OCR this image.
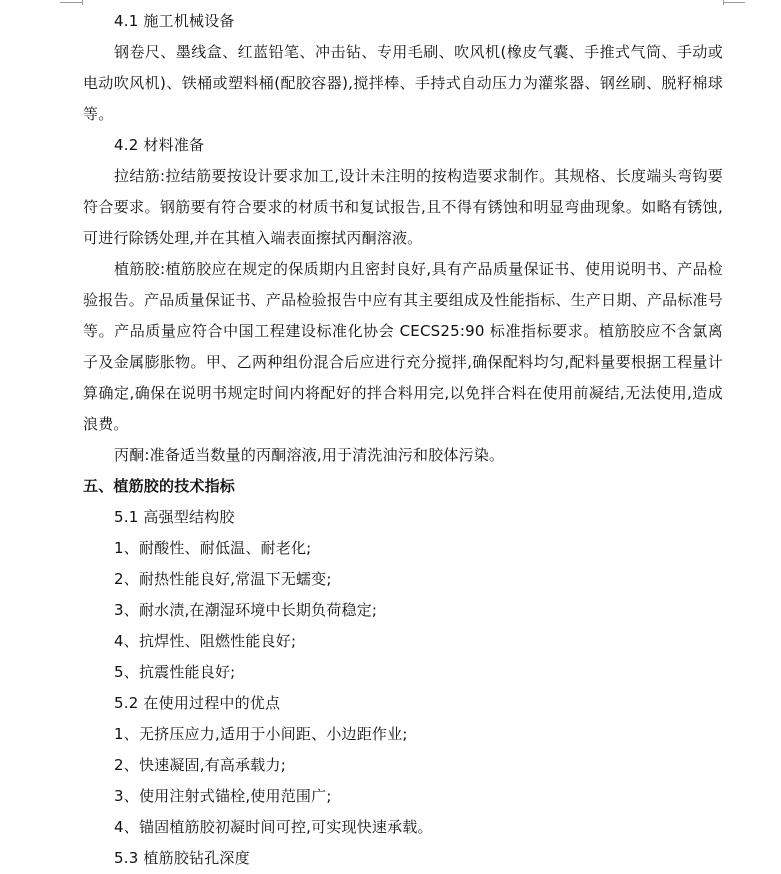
4.1 施工机械设备

钢卷尺、墨线盒、红蓝铅笔、冲击钻、专用毛刷、吹风机(橡皮气囊、手推式气筒、手动或电动吹风机)、铁桶或塑料桶(配胶容器),搅拌棒、手持式自动压力为灌浆器、钢丝刷、脱籽棉球等。

4.2 材料准备

拉结筋:拉结筋要按设计要求加工,设计未注明的按构造要求制作。其规格、长度端头弯钩要符合要求。钢筋要有符合要求的材质书和复试报告,且不得有锈蚀和明显弯曲现象。如略有锈蚀,可进行除锈处理,并在其植入端表面擦拭丙酮溶液。

植筋胶:植筋胶应在规定的保质期内且密封良好,具有产品质量保证书、使用说明书、产品检验报告。产品质量保证书、产品检验报告中应有其主要组成及性能指标、生产日期、产品标准号等。产品质量应符合中国工程建设标准化协会 CECS25:90 标准指标要求。植筋胶应不含氯离子及金属膨胀物。甲、乙两种组份混合后应进行充分搅拌,确保配料均匀,配料量要根据工程量计算确定,确保在说明书规定时间内将配好的拌合料用完,以免拌合料在使用前凝结,无法使用,造成浪费。

丙酮:准备适当数量的丙酮溶液,用于清洗油污和胶体污染。

五、植筋胶的技术指标

5.1 高强型结构胶

1、耐酸性、耐低温、耐老化;

2、耐热性能良好,常温下无蠕变;

3、耐水渍,在潮湿环境中长期负荷稳定;

4、抗焊性、阻燃性能良好;

5、抗震性能良好;

5.2 在使用过程中的优点

1、无挤压应力,适用于小间距、小边距作业;

2、快速凝固,有高承载力;

3、使用注射式锚栓,使用范围广;

4、锚固植筋胶初凝时间可控,可实现快速承载。

5.3 植筋胶钻孔深度
